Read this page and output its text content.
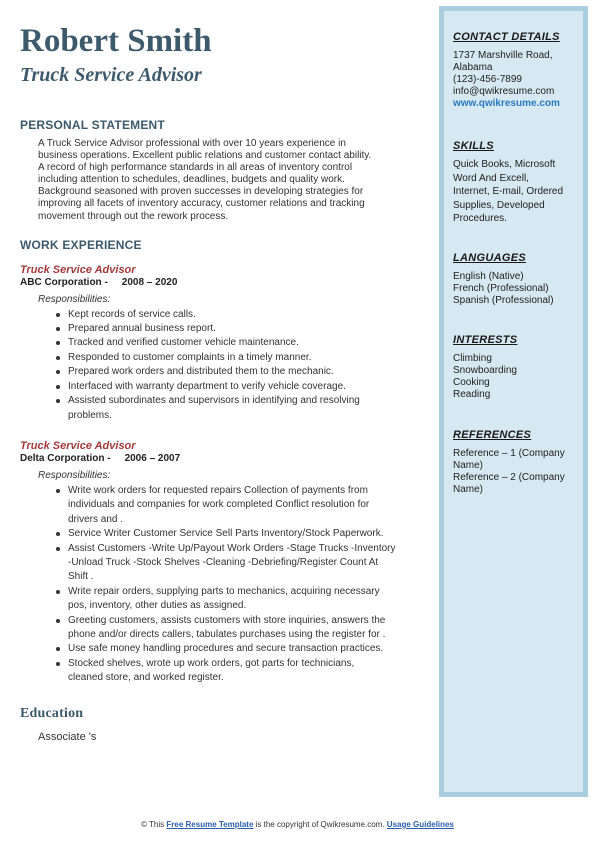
Robert Smith
Truck Service Advisor
PERSONAL STATEMENT
A Truck Service Advisor professional with over 10 years experience in
business operations. Excellent public relations and customer contact ability.
A record of high performance standards in all areas of inventory control
including attention to schedules, deadlines, budgets and quality work.
Background seasoned with proven successes in developing strategies for
improving all facets of inventory accuracy, customer relations and tracking
movement through out the rework process.
WORK EXPERIENCE
Truck Service Advisor
ABC Corporation - 2008 – 2020
Responsibilities:
Kept records of service calls.
Prepared annual business report.
Tracked and verified customer vehicle maintenance.
Responded to customer complaints in a timely manner.
Prepared work orders and distributed them to the mechanic.
Interfaced with warranty department to verify vehicle coverage.
Assisted subordinates and supervisors in identifying and resolving
problems.
Truck Service Advisor
Delta Corporation - 2006 – 2007
Responsibilities:
Write work orders for requested repairs Collection of payments from
individuals and companies for work completed Conflict resolution for
drivers and .
Service Writer Customer Service Sell Parts Inventory/Stock Paperwork.
Assist Customers -Write Up/Payout Work Orders -Stage Trucks -Inventory
-Unload Truck -Stock Shelves -Cleaning -Debriefing/Register Count At
Shift .
Write repair orders, supplying parts to mechanics, acquiring necessary
pos, inventory, other duties as assigned.
Greeting customers, assists customers with store inquiries, answers the
phone and/or directs callers, tabulates purchases using the register for .
Use safe money handling procedures and secure transaction practices.
Stocked shelves, wrote up work orders, got parts for technicians,
cleaned store, and worked register.
Education
Associate 's
CONTACT DETAILS
1737 Marshville Road,
Alabama
(123)-456-7899
info@qwikresume.com
www.qwikresume.com
SKILLS
Quick Books, Microsoft
Word And Excell,
Internet, E-mail, Ordered
Supplies, Developed
Procedures.
LANGUAGES
English (Native)
French (Professional)
Spanish (Professional)
INTERESTS
Climbing
Snowboarding
Cooking
Reading
REFERENCES
Reference – 1 (Company
Name)
Reference – 2 (Company
Name)
© This Free Resume Template is the copyright of Qwikresume.com. Usage Guidelines
